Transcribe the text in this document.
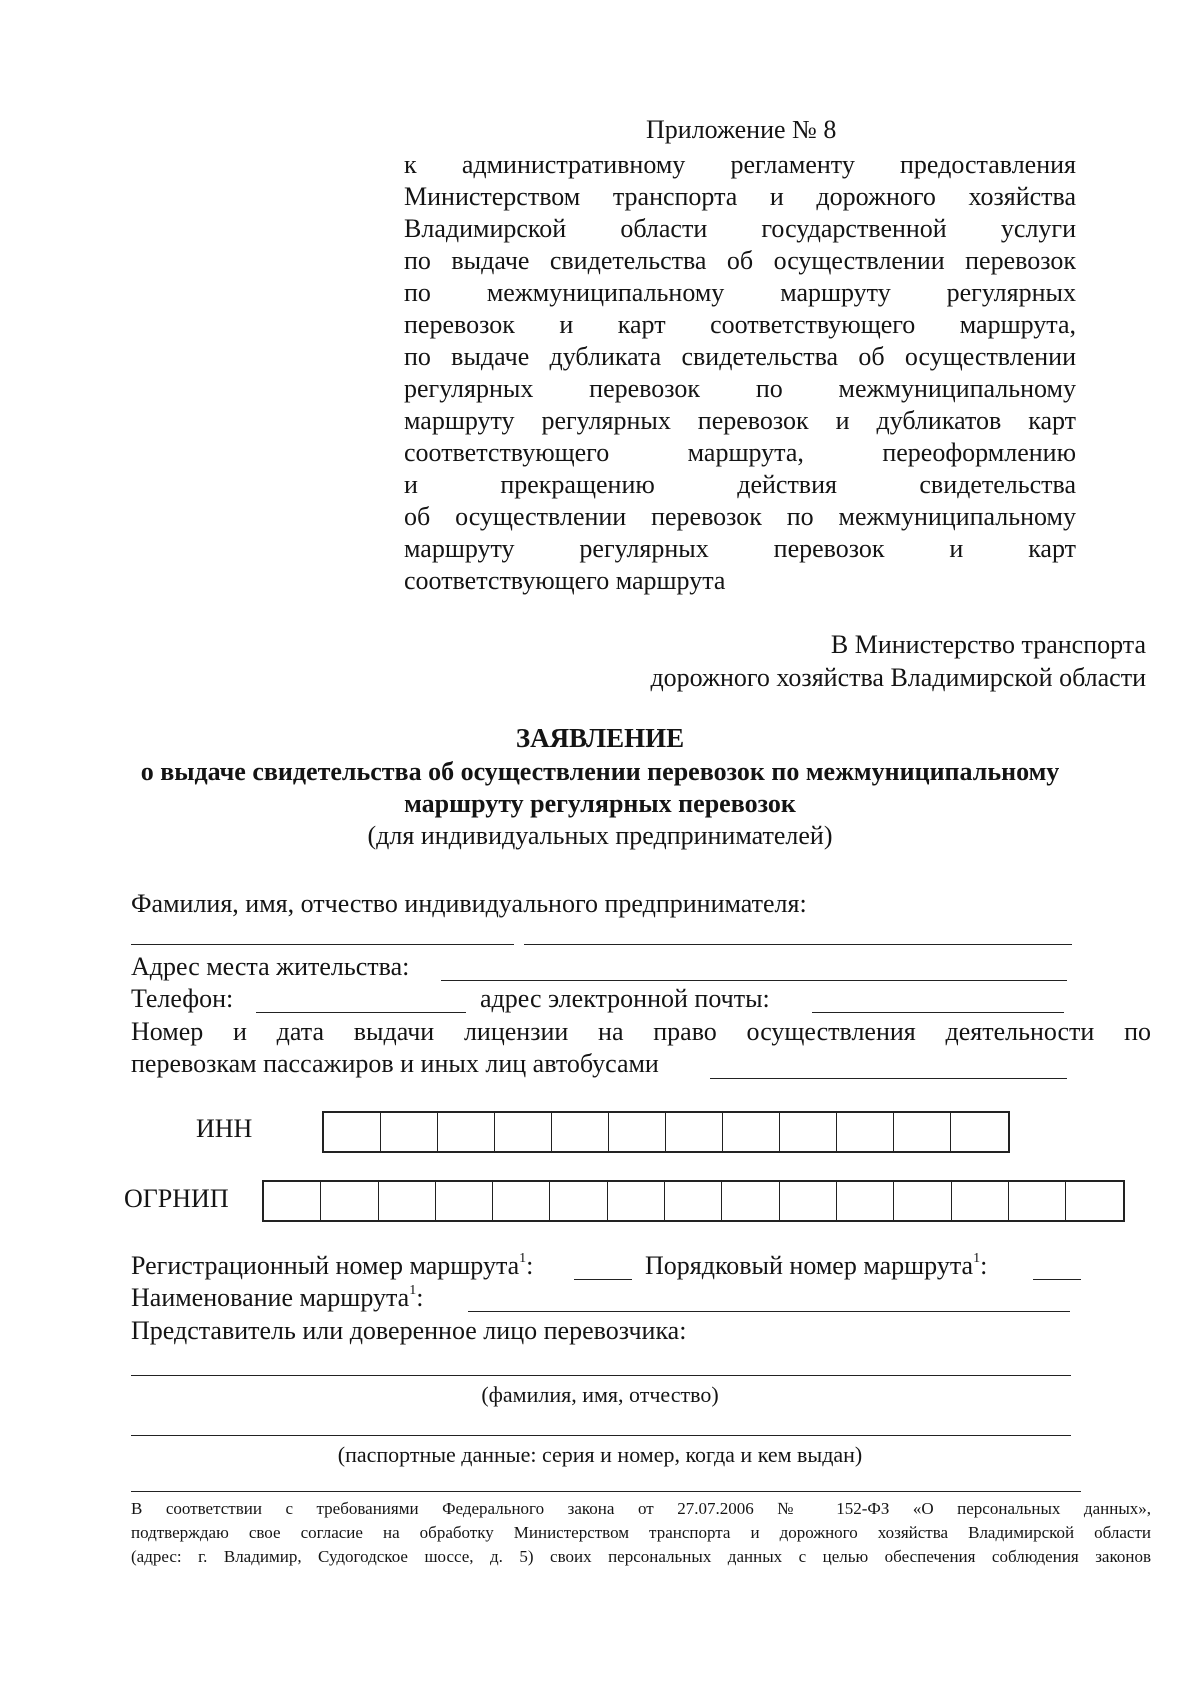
Приложение № 8
к административному регламенту предоставления
Министерством транспорта и дорожного хозяйства
Владимирской области государственной услуги
по выдаче свидетельства об осуществлении перевозок
по межмуниципальному маршруту регулярных
перевозок и карт соответствующего маршрута,
по выдаче дубликата свидетельства об осуществлении
регулярных перевозок по межмуниципальному
маршруту регулярных перевозок и дубликатов карт
соответствующего маршрута, переоформлению
и прекращению действия свидетельства
об осуществлении перевозок по межмуниципальному
маршруту регулярных перевозок и карт
соответствующего маршрута
В Министерство транспорта
дорожного хозяйства Владимирской области
ЗАЯВЛЕНИЕ
о выдаче свидетельства об осуществлении перевозок по межмуниципальному
маршруту регулярных перевозок
(для индивидуальных предпринимателей)
Фамилия, имя, отчество индивидуального предпринимателя:
Адрес места жительства:
Телефон:	адрес электронной почты:
Номер и дата выдачи лицензии на право осуществления деятельности по
перевозкам пассажиров и иных лиц автобусами
ИНН
ОГРНИП
Регистрационный номер маршрута$^1$:	Порядковый номер маршрута$^1$:
Наименование маршрута$^1$:
Представитель или доверенное лицо перевозчика:
(фамилия, имя, отчество)
(паспортные данные: серия и номер, когда и кем выдан)
В соответствии с требованиями Федерального закона от 27.07.2006 № 152-ФЗ «О персональных данных»,
подтверждаю свое согласие на обработку Министерством транспорта и дорожного хозяйства Владимирской области
(адрес: г. Владимир, Судогодское шоссе, д. 5) своих персональных данных с целью обеспечения соблюдения законов
